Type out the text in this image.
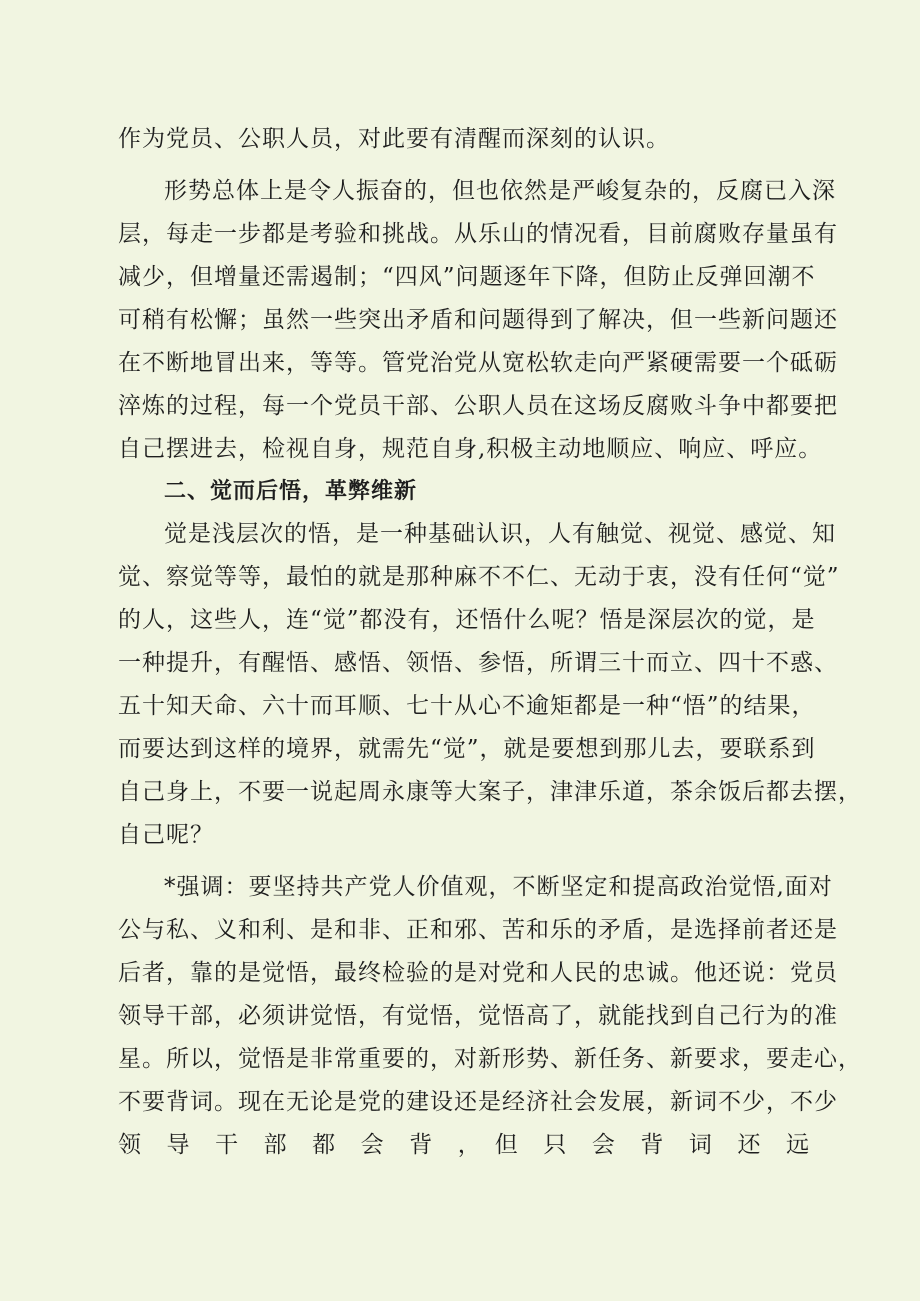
作为党员、公职人员，对此要有清醒而深刻的认识。
形势总体上是令人振奋的，但也依然是严峻复杂的，反腐已入深
层，每走一步都是考验和挑战。从乐山的情况看，目前腐败存量虽有
减少，但增量还需遏制；“四风”问题逐年下降，但防止反弹回潮不
可稍有松懈；虽然一些突出矛盾和问题得到了解决，但一些新问题还
在不断地冒出来，等等。管党治党从宽松软走向严紧硬需要一个砥砺
淬炼的过程，每一个党员干部、公职人员在这场反腐败斗争中都要把
自己摆进去，检视自身，规范自身,积极主动地顺应、响应、呼应。
二、觉而后悟，革弊维新
觉是浅层次的悟，是一种基础认识，人有触觉、视觉、感觉、知
觉、察觉等等，最怕的就是那种麻不不仁、无动于衷，没有任何“觉”
的人，这些人，连“觉”都没有，还悟什么呢？悟是深层次的觉，是
一种提升，有醒悟、感悟、领悟、参悟，所谓三十而立、四十不惑、
五十知天命、六十而耳顺、七十从心不逾矩都是一种“悟”的结果，
而要达到这样的境界，就需先“觉”，就是要想到那儿去，要联系到
自己身上，不要一说起周永康等大案子，津津乐道，茶余饭后都去摆，
自己呢？
*强调：要坚持共产党人价值观，不断坚定和提高政治觉悟,面对
公与私、义和利、是和非、正和邪、苦和乐的矛盾，是选择前者还是
后者，靠的是觉悟，最终检验的是对党和人民的忠诚。他还说：党员
领导干部，必须讲觉悟，有觉悟，觉悟高了，就能找到自己行为的准
星。所以，觉悟是非常重要的，对新形势、新任务、新要求，要走心，
不要背词。现在无论是党的建设还是经济社会发展，新词不少，不少
领　导　干　部　都　会　背　，　但　只　会　背　词　还　远
